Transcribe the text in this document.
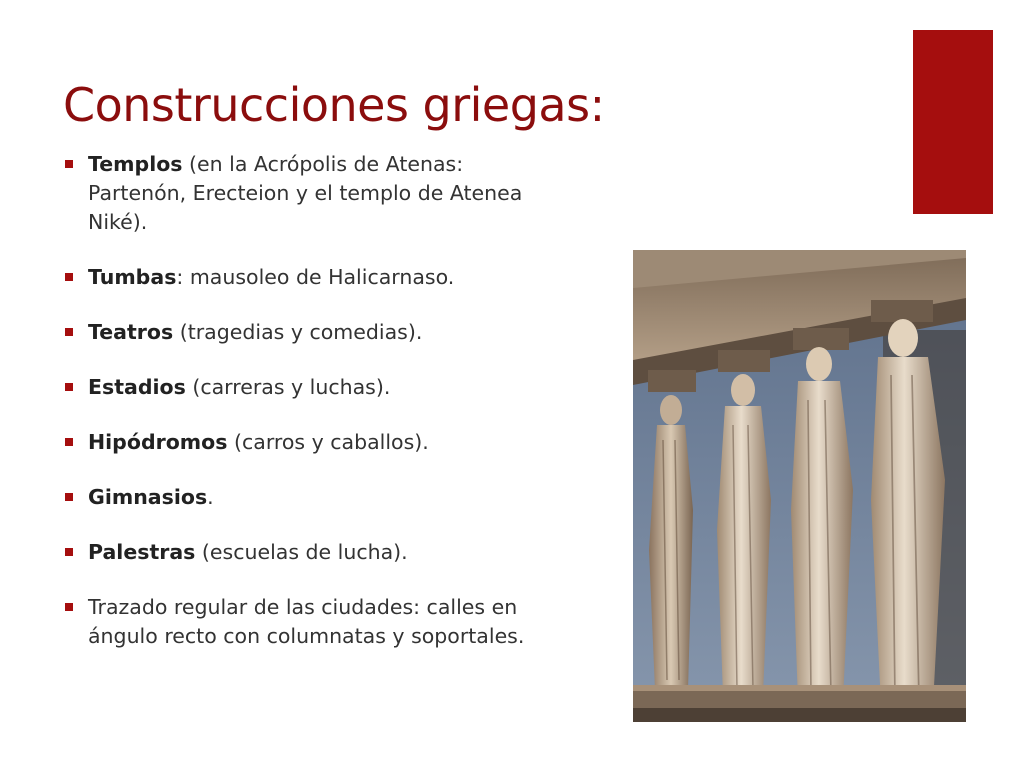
Construcciones griegas:
Templos (en la Acrópolis de Atenas: Partenón, Erecteion y el templo de Atenea Niké).
Tumbas: mausoleo de Halicarnaso.
Teatros (tragedias y comedias).
Estadios (carreras y luchas).
Hipódromos (carros y caballos).
Gimnasios.
Palestras (escuelas de lucha).
Trazado regular de las ciudades: calles en ángulo recto con columnatas y soportales.
